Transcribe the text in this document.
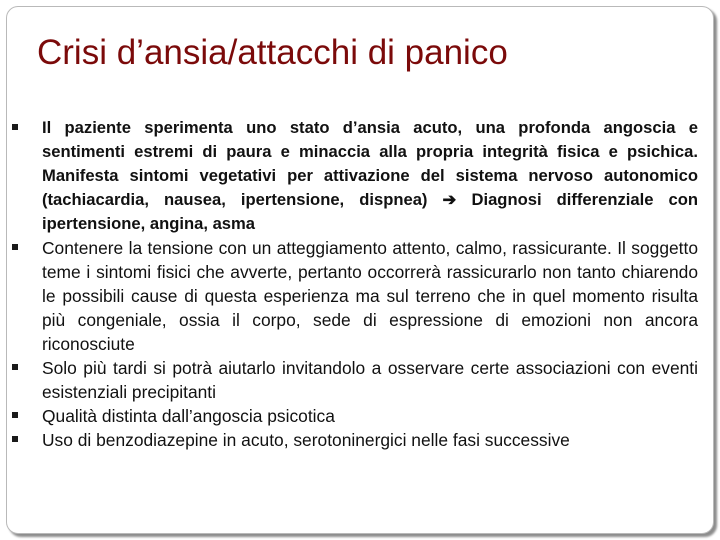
Crisi d’ansia/attacchi di panico
Il paziente sperimenta uno stato d’ansia acuto, una profonda angoscia e sentimenti estremi di paura e minaccia alla propria integrità fisica e psichica. Manifesta sintomi vegetativi per attivazione del sistema nervoso autonomico (tachiacardia, nausea, ipertensione, dispnea) ➔ Diagnosi differenziale con ipertensione, angina, asma
Contenere la tensione con un atteggiamento attento, calmo, rassicurante. Il soggetto teme i sintomi fisici che avverte, pertanto occorrerà rassicurarlo non tanto chiarendo le possibili cause di questa esperienza ma sul terreno che in quel momento risulta più congeniale, ossia il corpo, sede di espressione di emozioni non ancora riconosciute
Solo più tardi si potrà aiutarlo invitandolo a osservare certe associazioni con eventi esistenziali precipitanti
Qualità distinta dall’angoscia psicotica
Uso di benzodiazepine in acuto, serotoninergici nelle fasi successive
